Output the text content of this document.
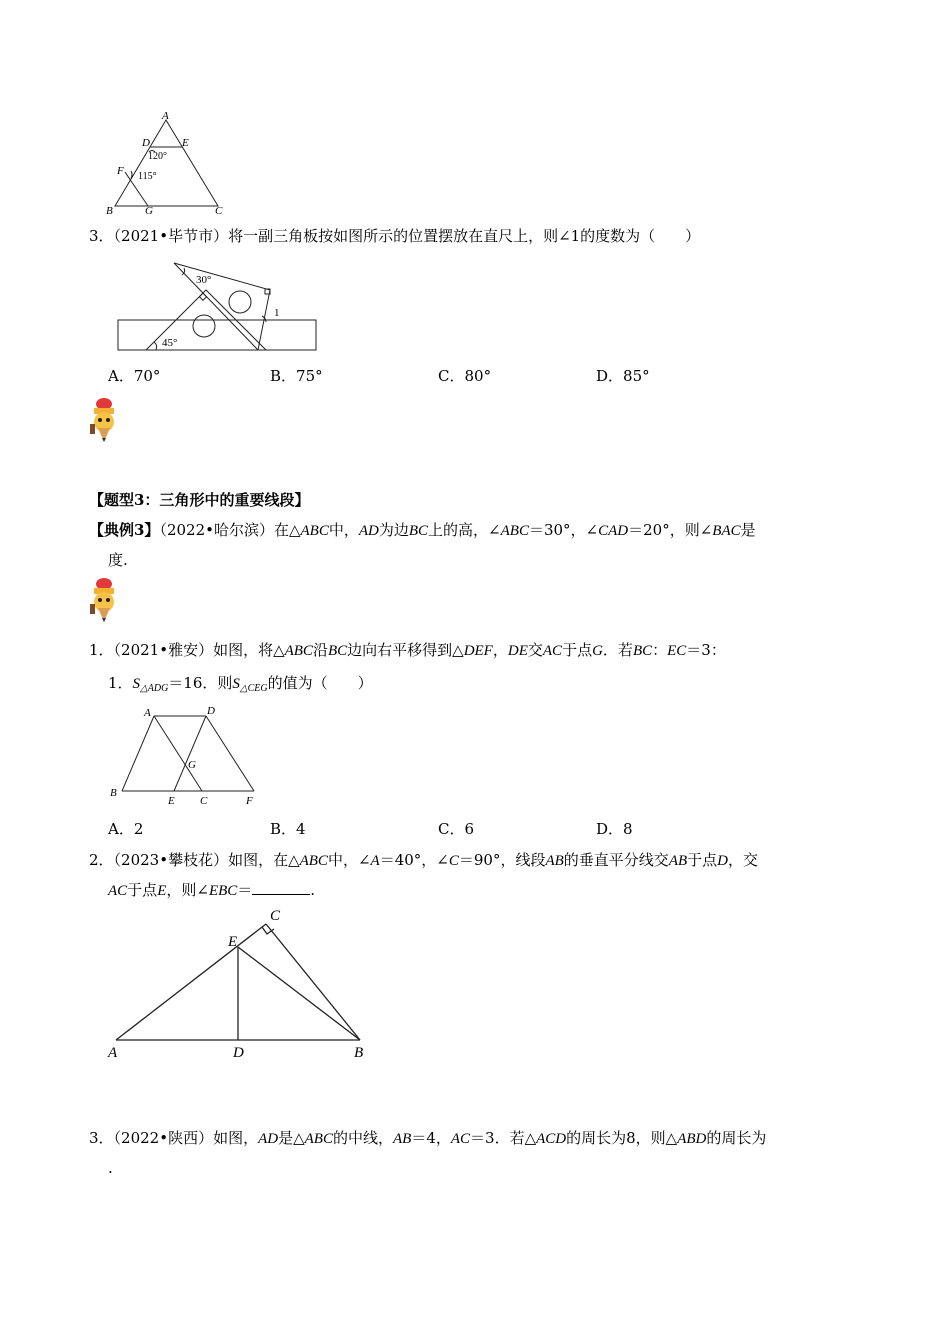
A
D	E
F
B	G	C
120°
115°
3．（2021•毕节市）将一副三角板按如图所示的位置摆放在直尺上，则∠1的度数为（　　）
30°
45°
1
A．70°	B．75°	C．80°	D．85°
【题型3：三角形中的重要线段】
【典例3】（2022•哈尔滨）在△ABC中，AD为边BC上的高，∠ABC＝30°，∠CAD＝20°，则∠BAC是
度.
1．（2021•雅安）如图，将△ABC沿BC边向右平移得到△DEF，DE交AC于点G．若BC：EC＝3：
1．$S_{\triangle ADG}=16$．则$S_{\triangle CEG}$的值为（　　）
A	D
G
B
E C	F
A．2	B．4	C．6	D．8
2．（2023•攀枝花）如图，在△ABC中，∠A＝40°，∠C＝90°，线段AB的垂直平分线交AB于点D，交
AC于点E，则∠EBC＝	.
C
E
A	D	B
3．（2022•陕西）如图，AD是△ABC的中线，AB＝4，AC＝3．若△ACD的周长为8，则△ABD的周长为
.
